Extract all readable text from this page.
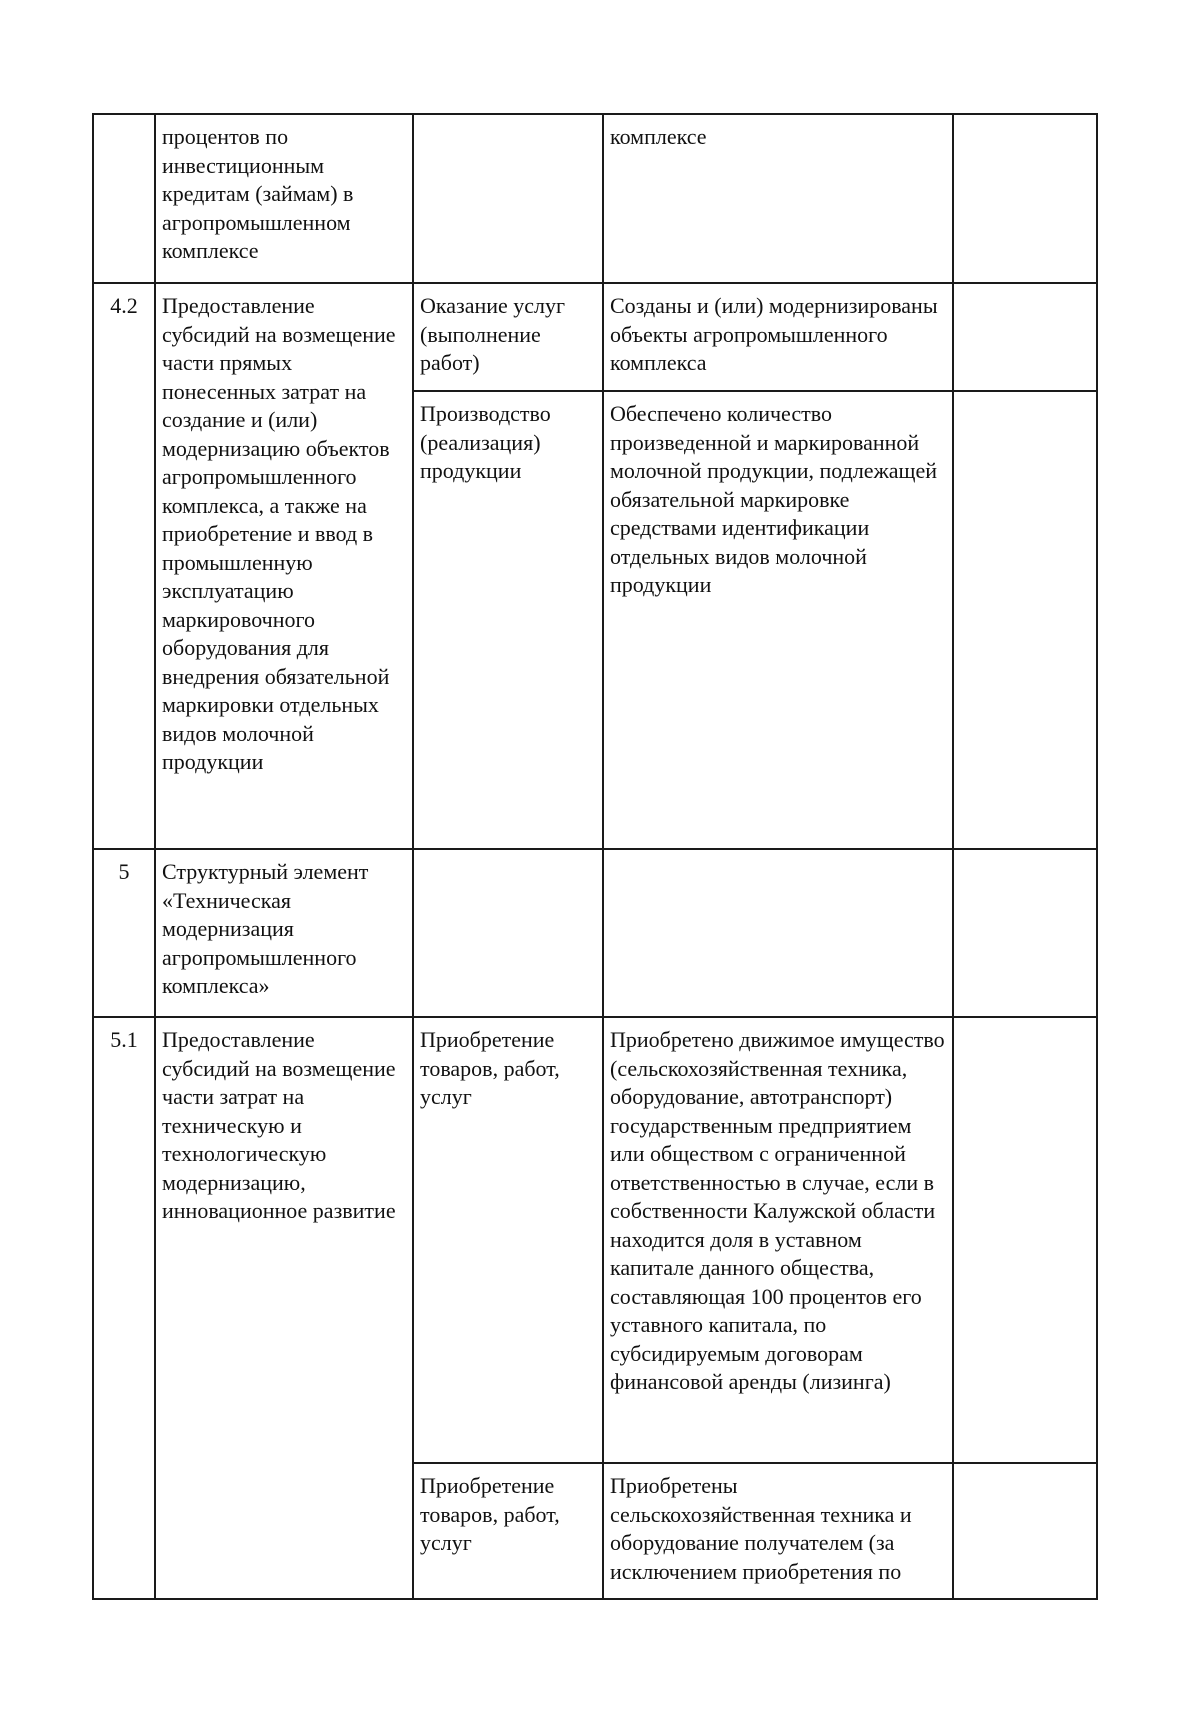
	процентов по инвестиционным кредитам (займам) в агропромышленном комплексе		комплексе	
4.2	Предоставление субсидий на возмещение части прямых понесенных затрат на создание и (или) модернизацию объектов агропромышленного комплекса, а также на приобретение и ввод в промышленную эксплуатацию маркировочного оборудования для внедрения обязательной маркировки отдельных видов молочной продукции	Оказание услуг (выполнение работ)	Созданы и (или) модернизированы объекты агропромышленного комплекса	
		Производство (реализация) продукции	Обеспечено количество произведенной и маркированной молочной продукции, подлежащей обязательной маркировке средствами идентификации отдельных видов молочной продукции	
5	Структурный элемент «Техническая модернизация агропромышленного комплекса»			
5.1	Предоставление субсидий на возмещение части затрат на техническую и технологическую модернизацию, инновационное развитие	Приобретение товаров, работ, услуг	Приобретено движимое имущество (сельскохозяйственная техника, оборудование, автотранспорт) государственным предприятием или обществом с ограниченной ответственностью в случае, если в собственности Калужской области находится доля в уставном капитале данного общества, составляющая 100 процентов его уставного капитала, по субсидируемым договорам финансовой аренды (лизинга)	
		Приобретение товаров, работ, услуг	Приобретены сельскохозяйственная техника и оборудование получателем (за исключением приобретения по	
